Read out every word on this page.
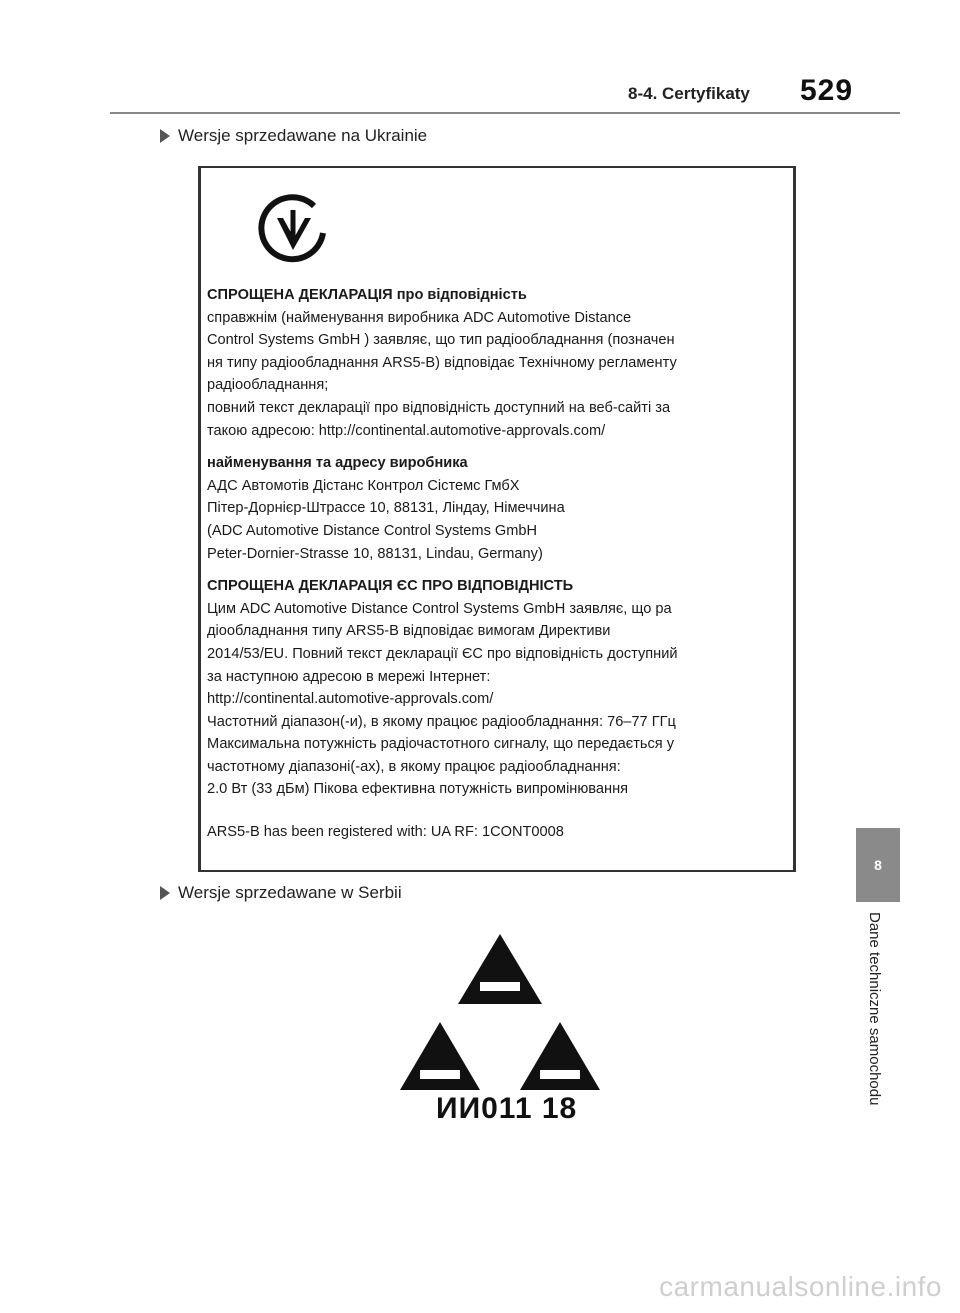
8-4. Certyfikaty 529
Wersje sprzedawane na Ukrainie
СПРОЩЕНА ДЕКЛАРАЦІЯ про відповідність
справжнім (найменування виробника ADC Automotive Distance
Control Systems GmbH ) заявляє, що тип радіообладнання (позначен
ня типу радіообладнання ARS5-B) відповідає Технічному регламенту
радіообладнання;
повний текст декларації про відповідність доступний на веб-сайті за
такою адресою: http://continental.automotive-approvals.com/
найменування та адресу виробника
АДС Автомотів Дістанс Контрол Сістемс ГмбХ
Пітер-Дорнієр-Штрассе 10, 88131, Ліндау, Німеччина
(ADC Automotive Distance Control Systems GmbH
Peter-Dornier-Strasse 10, 88131, Lindau, Germany)
СПРОЩЕНА ДЕКЛАРАЦІЯ ЄС ПРО ВІДПОВІДНІСТЬ
Цим ADC Automotive Distance Control Systems GmbH заявляє, що ра
діообладнання типу ARS5-B відповідає вимогам Директиви
2014/53/EU. Повний текст декларації ЄС про відповідність доступний
за наступною адресою в мережі Інтернет:
http://continental.automotive-approvals.com/
Частотний діапазон(-и), в якому працює радіообладнання: 76–77 ГГц
Максимальна потужність радіочастотного сигналу, що передається у
частотному діапазоні(-ах), в якому працює радіообладнання:
2.0 Вт (33 дБм) Пікова ефективна потужність випромінювання
ARS5-B has been registered with: UA RF: 1CONT0008
Wersje sprzedawane w Serbii
ИИ011 18
8
Dane techniczne samochodu
carmanualsonline.info
